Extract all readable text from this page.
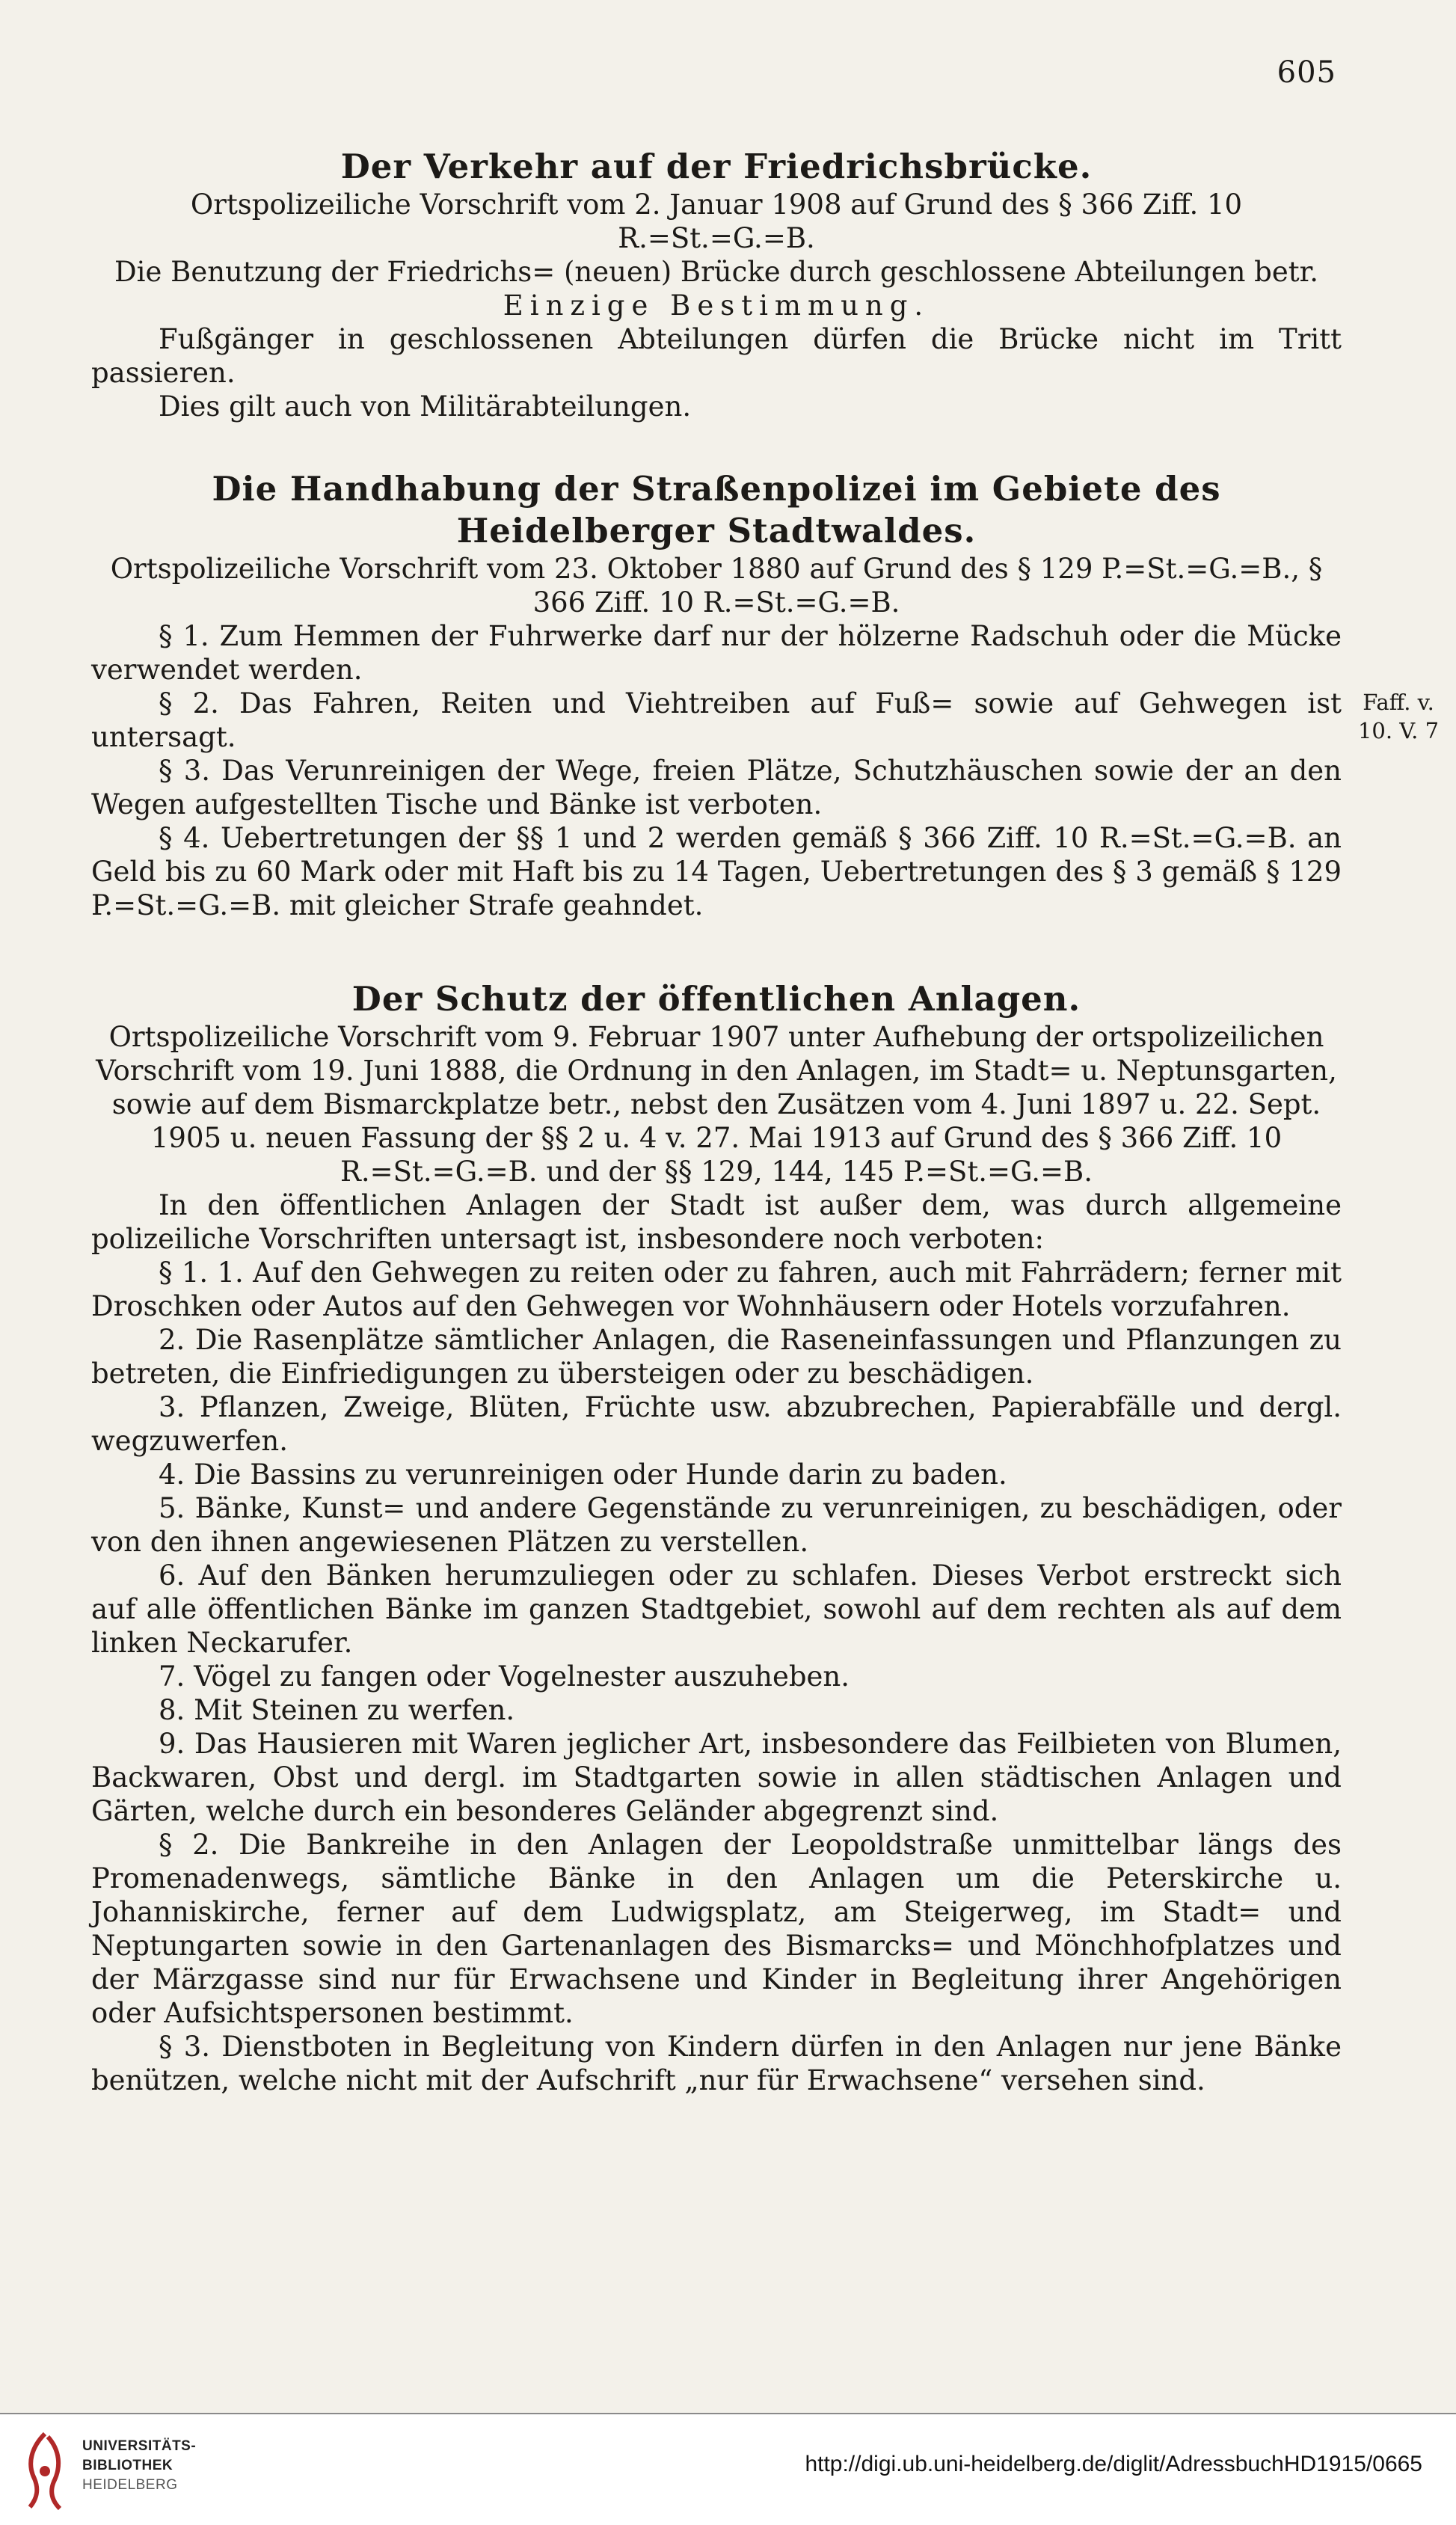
605
Faff. v.
10. V. 7
Der Verkehr auf der Friedrichsbrücke.

Ortspolizeiliche Vorschrift vom 2. Januar 1908 auf Grund des § 366 Ziff. 10 R.=St.=G.=B.

Die Benutzung der Friedrichs= (neuen) Brücke durch geschlossene Abteilungen betr.

Einzige Bestimmung.

Fußgänger in geschlossenen Abteilungen dürfen die Brücke nicht im Tritt passieren.

Dies gilt auch von Militärabteilungen.

Die Handhabung der Straßenpolizei im Gebiete des Heidelberger Stadtwaldes.

Ortspolizeiliche Vorschrift vom 23. Oktober 1880 auf Grund des § 129 P.=St.=G.=B., § 366 Ziff. 10 R.=St.=G.=B.

§ 1. Zum Hemmen der Fuhrwerke darf nur der hölzerne Radschuh oder die Mücke verwendet werden.

§ 2. Das Fahren, Reiten und Viehtreiben auf Fuß= sowie auf Gehwegen ist untersagt.

§ 3. Das Verunreinigen der Wege, freien Plätze, Schutzhäuschen sowie der an den Wegen aufgestellten Tische und Bänke ist verboten.

§ 4. Uebertretungen der §§ 1 und 2 werden gemäß § 366 Ziff. 10 R.=St.=G.=B. an Geld bis zu 60 Mark oder mit Haft bis zu 14 Tagen, Uebertretungen des § 3 gemäß § 129 P.=St.=G.=B. mit gleicher Strafe geahndet.

Der Schutz der öffentlichen Anlagen.

Ortspolizeiliche Vorschrift vom 9. Februar 1907 unter Aufhebung der ortspolizeilichen Vorschrift vom 19. Juni 1888, die Ordnung in den Anlagen, im Stadt= u. Neptunsgarten, sowie auf dem Bismarckplatze betr., nebst den Zusätzen vom 4. Juni 1897 u. 22. Sept. 1905 u. neuen Fassung der §§ 2 u. 4 v. 27. Mai 1913 auf Grund des § 366 Ziff. 10 R.=St.=G.=B. und der §§ 129, 144, 145 P.=St.=G.=B.

In den öffentlichen Anlagen der Stadt ist außer dem, was durch allgemeine polizeiliche Vorschriften untersagt ist, insbesondere noch verboten:

§ 1. 1. Auf den Gehwegen zu reiten oder zu fahren, auch mit Fahrrädern; ferner mit Droschken oder Autos auf den Gehwegen vor Wohnhäusern oder Hotels vorzufahren.

2. Die Rasenplätze sämtlicher Anlagen, die Raseneinfassungen und Pflanzungen zu betreten, die Einfriedigungen zu übersteigen oder zu beschädigen.

3. Pflanzen, Zweige, Blüten, Früchte usw. abzubrechen, Papierabfälle und dergl. wegzuwerfen.

4. Die Bassins zu verunreinigen oder Hunde darin zu baden.

5. Bänke, Kunst= und andere Gegenstände zu verunreinigen, zu beschädigen, oder von den ihnen angewiesenen Plätzen zu verstellen.

6. Auf den Bänken herumzuliegen oder zu schlafen. Dieses Verbot erstreckt sich auf alle öffentlichen Bänke im ganzen Stadtgebiet, sowohl auf dem rechten als auf dem linken Neckarufer.

7. Vögel zu fangen oder Vogelnester auszuheben.

8. Mit Steinen zu werfen.

9. Das Hausieren mit Waren jeglicher Art, insbesondere das Feilbieten von Blumen, Backwaren, Obst und dergl. im Stadtgarten sowie in allen städtischen Anlagen und Gärten, welche durch ein besonderes Geländer abgegrenzt sind.

§ 2. Die Bankreihe in den Anlagen der Leopoldstraße unmittelbar längs des Promenadenwegs, sämtliche Bänke in den Anlagen um die Peterskirche u. Johanniskirche, ferner auf dem Ludwigsplatz, am Steigerweg, im Stadt= und Neptungarten sowie in den Gartenanlagen des Bismarcks= und Mönchhofplatzes und der Märzgasse sind nur für Erwachsene und Kinder in Begleitung ihrer Angehörigen oder Aufsichtspersonen bestimmt.

§ 3. Dienstboten in Begleitung von Kindern dürfen in den Anlagen nur jene Bänke benützen, welche nicht mit der Aufschrift „nur für Erwachsene“ versehen sind.

UNIVERSITÄTS-
BIBLIOTHEK
HEIDELBERG
http://digi.ub.uni-heidelberg.de/diglit/AdressbuchHD1915/0665
